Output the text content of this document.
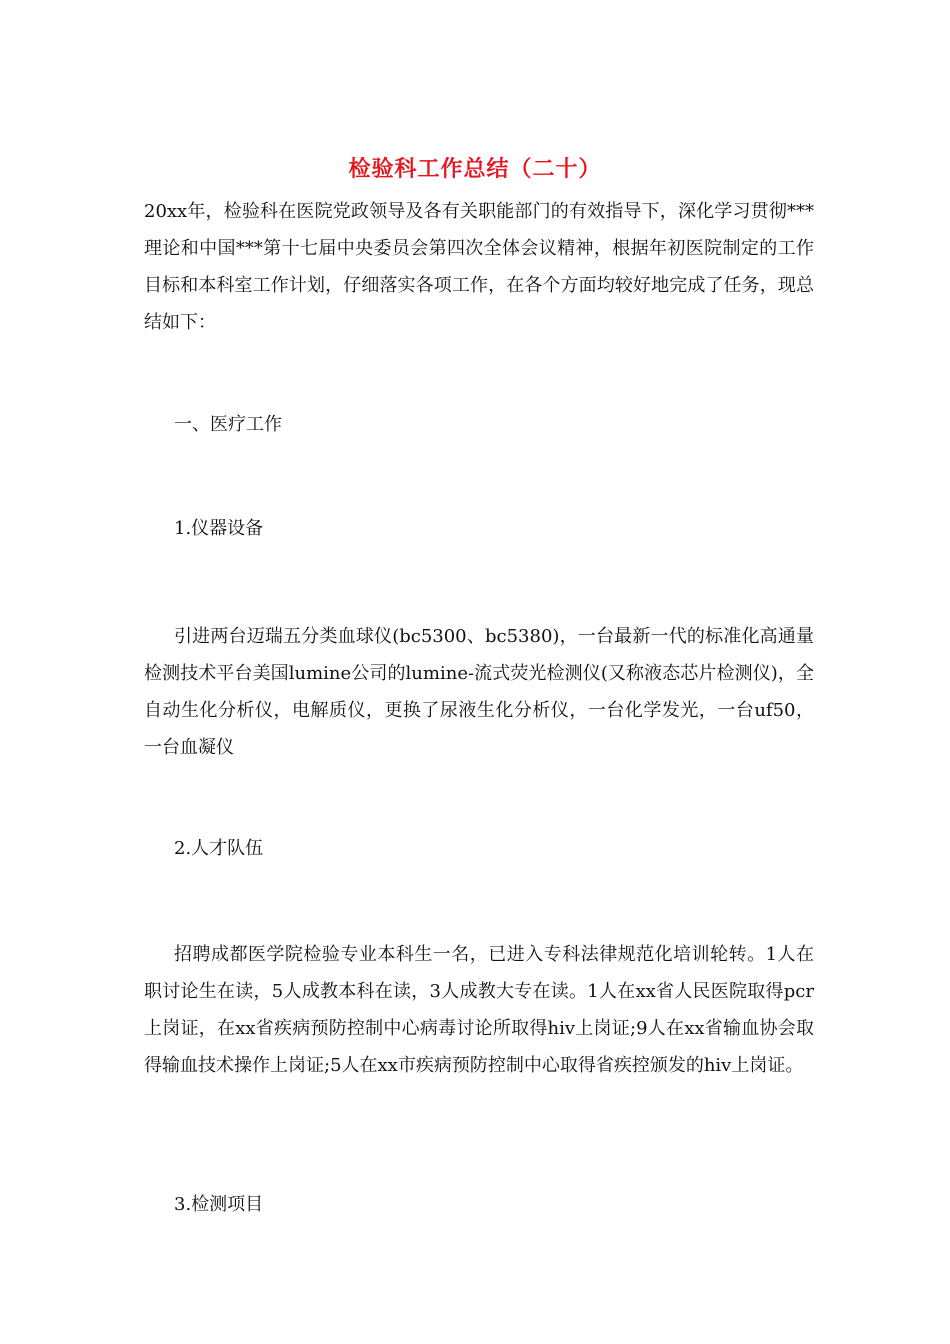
检验科工作总结（二十）

20xx年，检验科在医院党政领导及各有关职能部门的有效指导下，深化学习贯彻***理论和中国***第十七届中央委员会第四次全体会议精神，根据年初医院制定的工作目标和本科室工作计划，仔细落实各项工作，在各个方面均较好地完成了任务，现总结如下：

一、医疗工作
1.仪器设备

引进两台迈瑞五分类血球仪(bc5300、bc5380)，一台最新一代的标准化高通量检测技术平台美国lumine公司的lumine-流式荧光检测仪(又称液态芯片检测仪)，全自动生化分析仪，电解质仪，更换了尿液生化分析仪，一台化学发光，一台uf50，一台血凝仪

2.人才队伍

招聘成都医学院检验专业本科生一名，已进入专科法律规范化培训轮转。1人在职讨论生在读，5人成教本科在读，3人成教大专在读。1人在xx省人民医院取得pcr上岗证，在xx省疾病预防控制中心病毒讨论所取得hiv上岗证;9人在xx省输血协会取得输血技术操作上岗证;5人在xx市疾病预防控制中心取得省疾控颁发的hiv上岗证。

3.检测项目
